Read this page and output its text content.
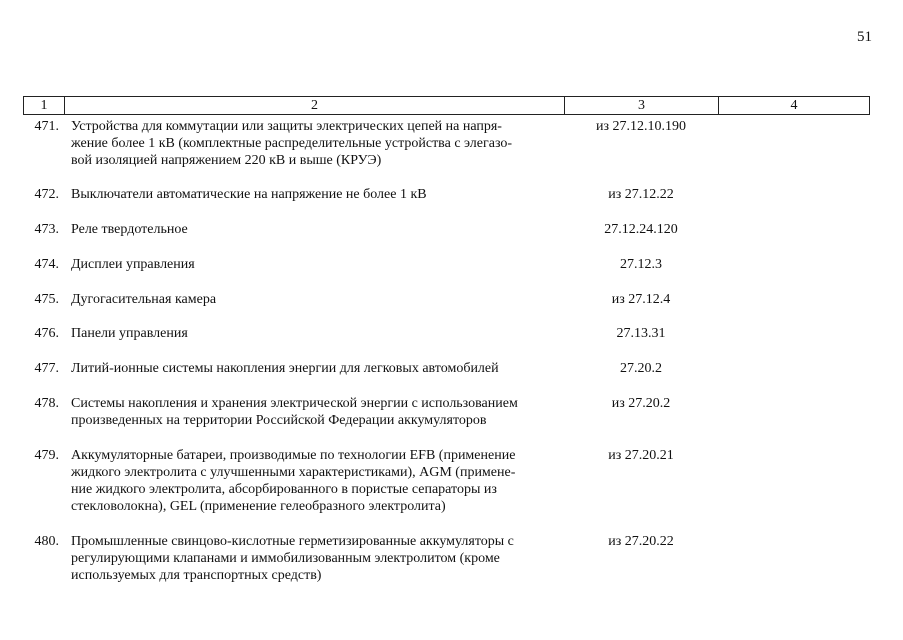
51
1	2	3	4
471. Устройства для коммутации или защиты электрических цепей на напря-
жение более 1 кВ (комплектные распределительные устройства с элегазо-
вой изоляцией напряжением 220 кВ и выше (КРУЭ)
из 27.12.10.190
472. Выключатели автоматические на напряжение не более 1 кВ	из 27.12.22
473. Реле твердотельное	27.12.24.120
474. Дисплеи управления	27.12.3
475. Дугогасительная камера	из 27.12.4
476. Панели управления	27.13.31
477. Литий-ионные системы накопления энергии для легковых автомобилей	27.20.2
478. Системы накопления и хранения электрической энергии с использованием
произведенных на территории Российской Федерации аккумуляторов
из 27.20.2
479. Аккумуляторные батареи, производимые по технологии EFB (применение
жидкого электролита с улучшенными характеристиками), AGM (примене-
ние жидкого электролита, абсорбированного в пористые сепараторы из
стекловолокна), GEL (применение гелеобразного электролита)
из 27.20.21
480. Промышленные свинцово-кислотные герметизированные аккумуляторы с
регулирующими клапанами и иммобилизованным электролитом (кроме
используемых для транспортных средств)
из 27.20.22
